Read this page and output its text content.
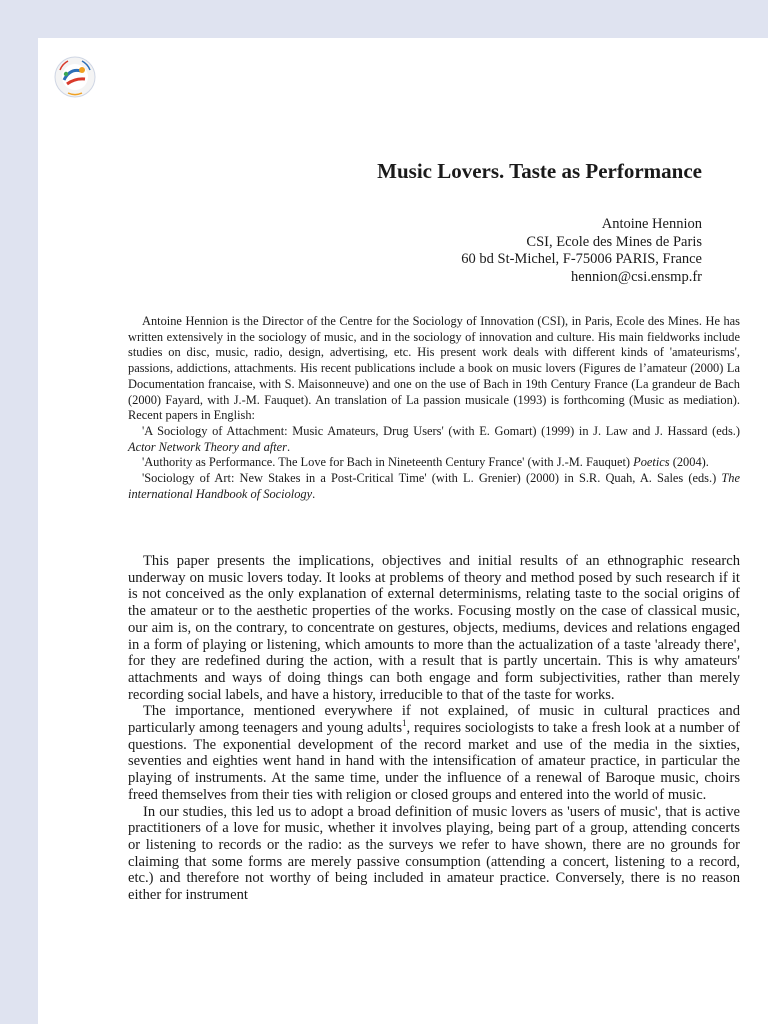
Music Lovers. Taste as Performance
Antoine Hennion
CSI, Ecole des Mines de Paris
60 bd St-Michel, F-75006 PARIS, France
hennion@csi.ensmp.fr

Antoine Hennion is the Director of the Centre for the Sociology of Innovation (CSI), in Paris, Ecole des Mines. He has written extensively in the sociology of music, and in the sociology of innovation and culture. His main fieldworks include studies on disc, music, radio, design, advertising, etc. His present work deals with different kinds of 'amateurisms', passions, addictions, attachments. His recent publications include a book on music lovers (Figures de l’amateur (2000) La Documentation francaise, with S. Maisonneuve) and one on the use of Bach in 19th Century France (La grandeur de Bach (2000) Fayard, with J.-M. Fauquet). An translation of La passion musicale (1993) is forthcoming (Music as mediation). Recent papers in English:

'A Sociology of Attachment: Music Amateurs, Drug Users' (with E. Gomart) (1999) in J. Law and J. Hassard (eds.) Actor Network Theory and after.

'Authority as Performance. The Love for Bach in Nineteenth Century France' (with J.-M. Fauquet) Poetics (2004).

'Sociology of Art: New Stakes in a Post-Critical Time' (with L. Grenier) (2000) in S.R. Quah, A. Sales (eds.) The international Handbook of Sociology.

This paper presents the implications, objectives and initial results of an ethnographic research underway on music lovers today. It looks at problems of theory and method posed by such research if it is not conceived as the only explanation of external determinisms, relating taste to the social origins of the amateur or to the aesthetic properties of the works. Focusing mostly on the case of classical music, our aim is, on the contrary, to concentrate on gestures, objects, mediums, devices and relations engaged in a form of playing or listening, which amounts to more than the actualization of a taste 'already there', for they are redefined during the action, with a result that is partly uncertain. This is why amateurs' attachments and ways of doing things can both engage and form subjectivities, rather than merely recording social labels, and have a history, irreducible to that of the taste for works.

The importance, mentioned everywhere if not explained, of music in cultural practices and particularly among teenagers and young adults$^1$, requires sociologists to take a fresh look at a number of questions. The exponential development of the record market and use of the media in the sixties, seventies and eighties went hand in hand with the intensification of amateur practice, in particular the playing of instruments. At the same time, under the influence of a renewal of Baroque music, choirs freed themselves from their ties with religion or closed groups and entered into the world of music.

In our studies, this led us to adopt a broad definition of music lovers as 'users of music', that is active practitioners of a love for music, whether it involves playing, being part of a group, attending concerts or listening to records or the radio: as the surveys we refer to have shown, there are no grounds for claiming that some forms are merely passive consumption (attending a concert, listening to a record, etc.) and therefore not worthy of being included in amateur practice. Conversely, there is no reason either for instrument
